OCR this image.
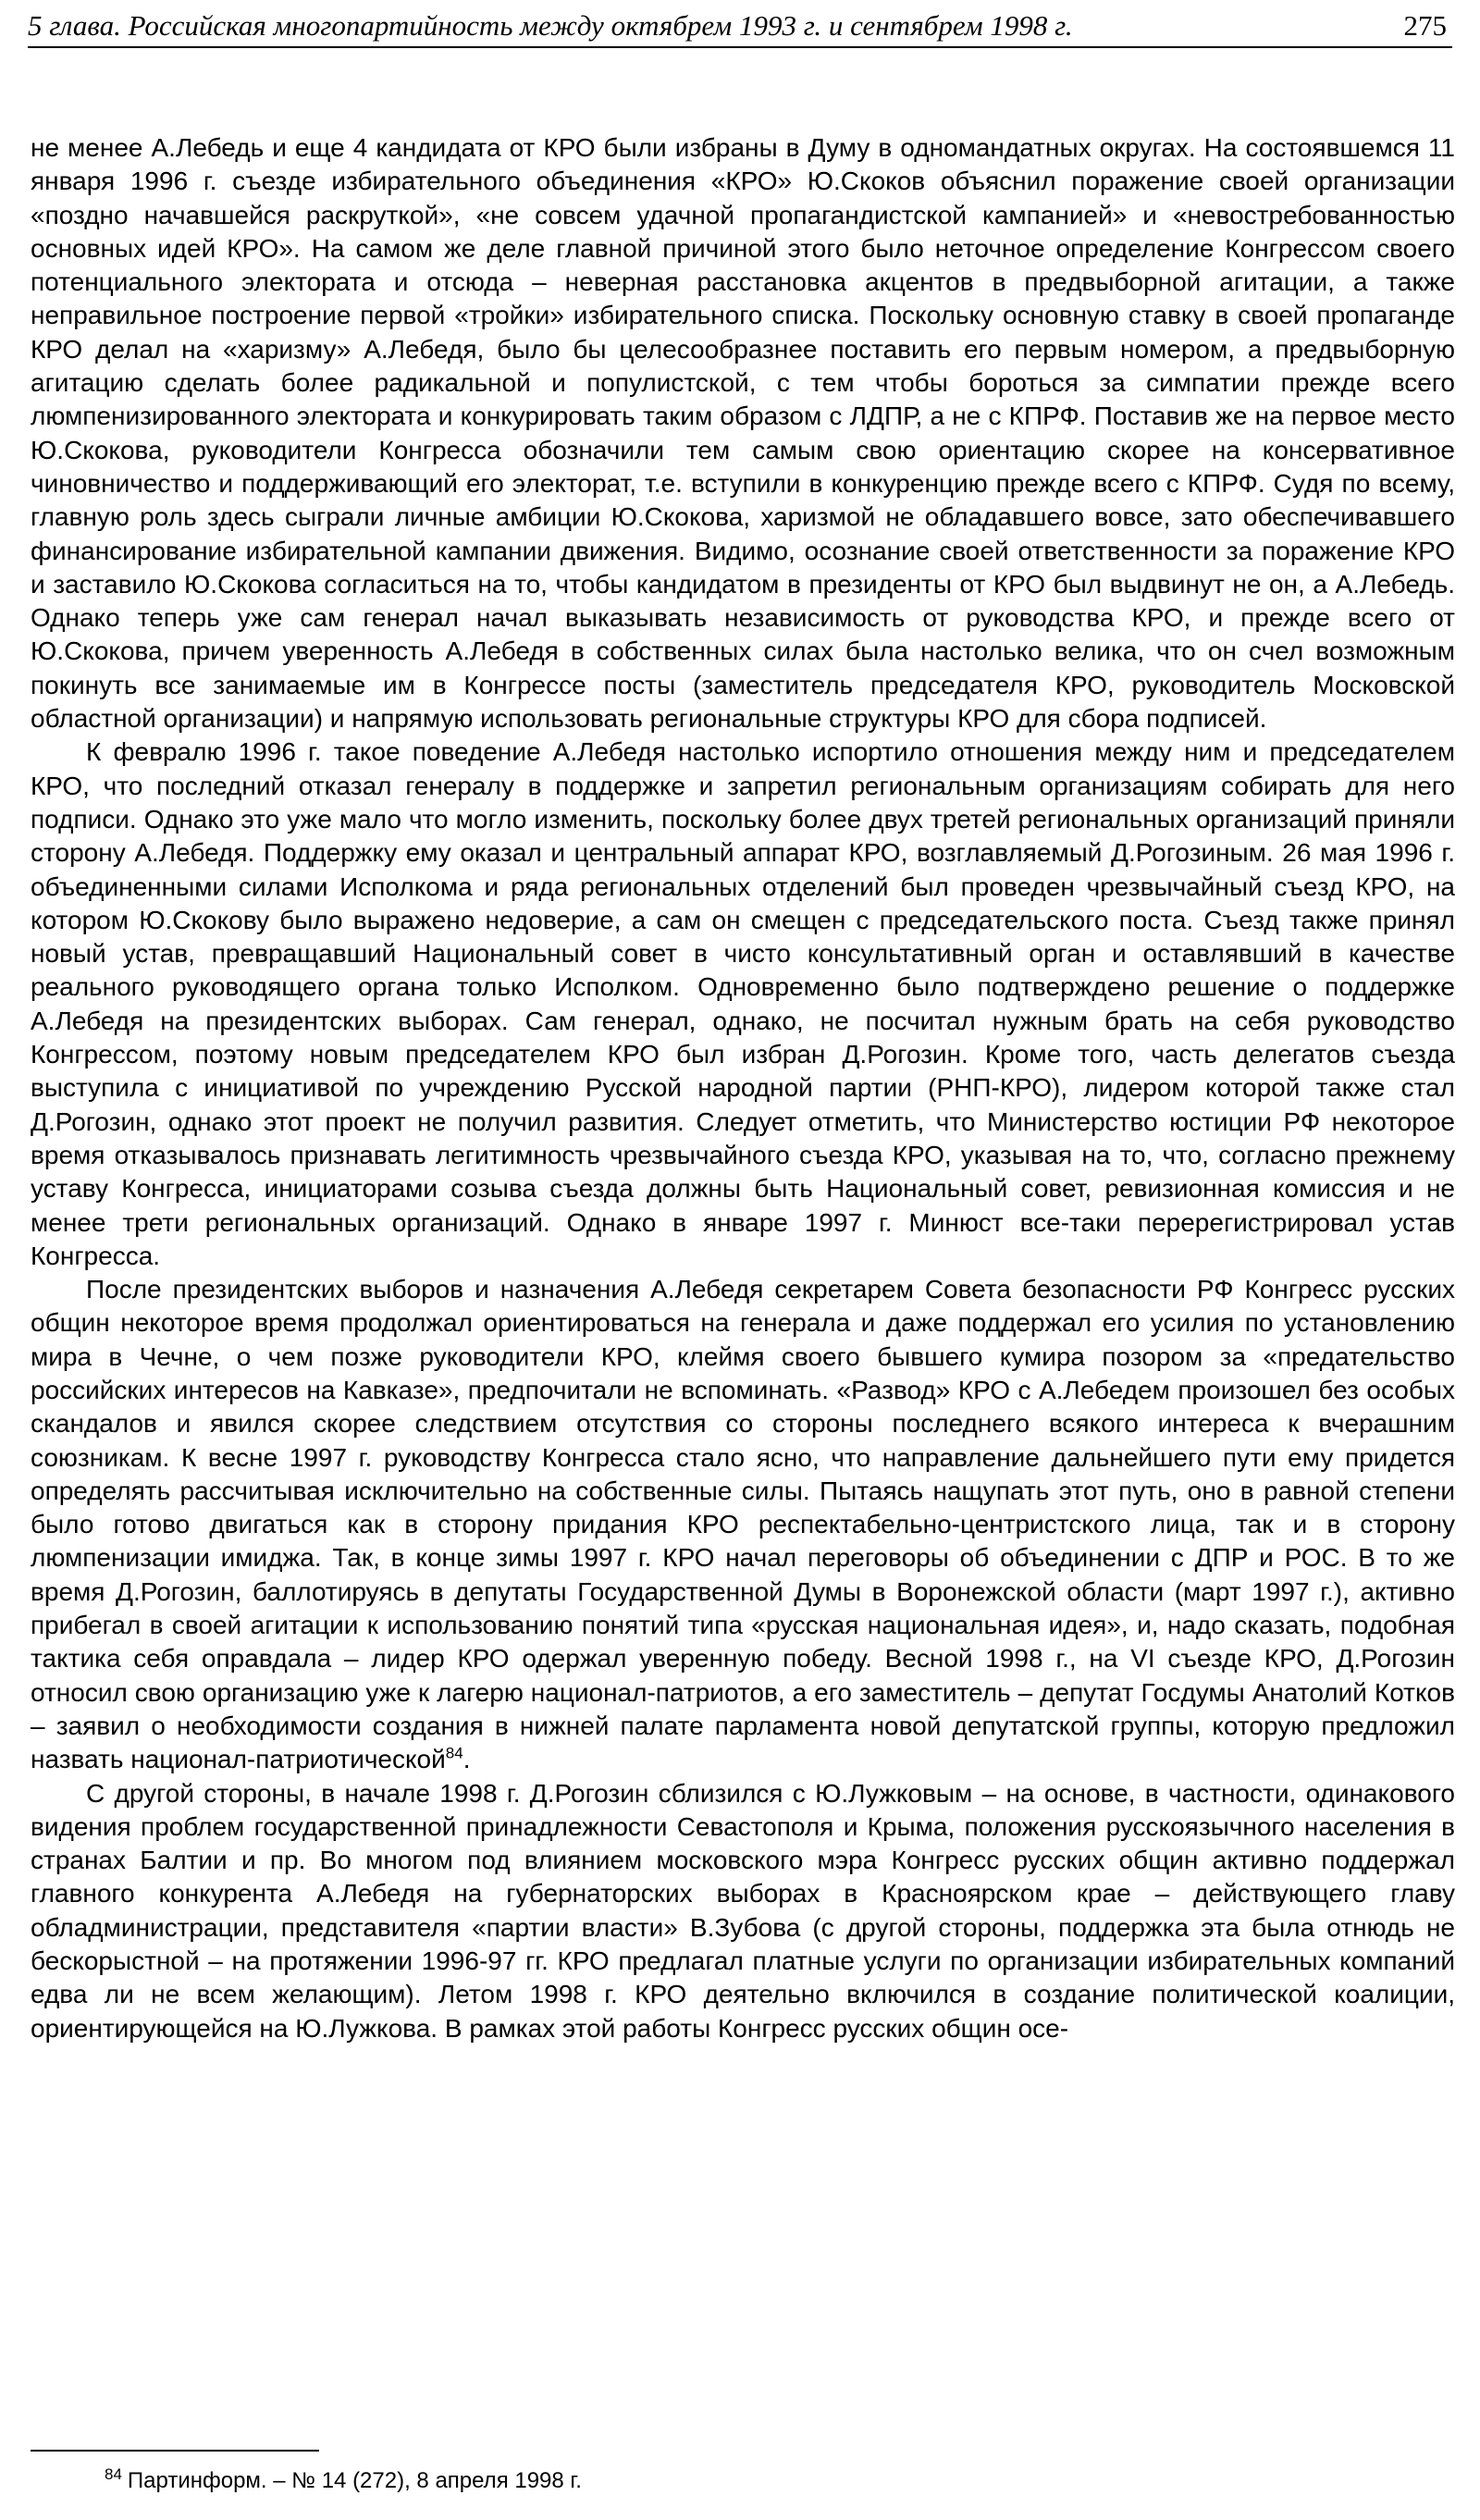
5 глава. Российская многопартийность между октябрем 1993 г. и сентябрем 1998 г.	275

не менее А.Лебедь и еще 4 кандидата от КРО были избраны в Думу в одномандатных округах. На состоявшемся 11 января 1996 г. съезде избирательного объединения «КРО» Ю.Скоков объяснил поражение своей организации «поздно начавшейся раскруткой», «не совсем удачной пропагандистской кампанией» и «невостребованностью основных идей КРО». На самом же деле главной причиной этого было неточное определение Конгрессом своего потенциального электората и отсюда – неверная расстановка акцентов в предвыборной агитации, а также неправильное построение первой «тройки» избирательного списка. Поскольку основную ставку в своей пропаганде КРО делал на «харизму» А.Лебедя, было бы целесообразнее поставить его первым номером, а предвыборную агитацию сделать более радикальной и популистской, с тем чтобы бороться за симпатии прежде всего люмпенизированного электората и конкурировать таким образом с ЛДПР, а не с КПРФ. Поставив же на первое место Ю.Скокова, руководители Конгресса обозначили тем самым свою ориентацию скорее на консервативное чиновничество и поддерживающий его электорат, т.е. вступили в конкуренцию прежде всего с КПРФ. Судя по всему, главную роль здесь сыграли личные амбиции Ю.Скокова, харизмой не обладавшего вовсе, зато обеспечивавшего финансирование избирательной кампании движения. Видимо, осознание своей ответственности за поражение КРО и заставило Ю.Скокова согласиться на то, чтобы кандидатом в президенты от КРО был выдвинут не он, а А.Лебедь. Однако теперь уже сам генерал начал выказывать независимость от руководства КРО, и прежде всего от Ю.Скокова, причем уверенность А.Лебедя в собственных силах была настолько велика, что он счел возможным покинуть все занимаемые им в Конгрессе посты (заместитель председателя КРО, руководитель Московской областной организации) и напрямую использовать региональные структуры КРО для сбора подписей.

К февралю 1996 г. такое поведение А.Лебедя настолько испортило отношения между ним и председателем КРО, что последний отказал генералу в поддержке и запретил региональным организациям собирать для него подписи. Однако это уже мало что могло изменить, поскольку более двух третей региональных организаций приняли сторону А.Лебедя. Поддержку ему оказал и центральный аппарат КРО, возглавляемый Д.Рогозиным. 26 мая 1996 г. объединенными силами Исполкома и ряда региональных отделений был проведен чрезвычайный съезд КРО, на котором Ю.Скокову было выражено недоверие, а сам он смещен с председательского поста. Съезд также принял новый устав, превращавший Национальный совет в чисто консультативный орган и оставлявший в качестве реального руководящего органа только Исполком. Одновременно было подтверждено решение о поддержке А.Лебедя на президентских выборах. Сам генерал, однако, не посчитал нужным брать на себя руководство Конгрессом, поэтому новым председателем КРО был избран Д.Рогозин. Кроме того, часть делегатов съезда выступила с инициативой по учреждению Русской народной партии (РНП-КРО), лидером которой также стал Д.Рогозин, однако этот проект не получил развития. Следует отметить, что Министерство юстиции РФ некоторое время отказывалось признавать легитимность чрезвычайного съезда КРО, указывая на то, что, согласно прежнему уставу Конгресса, инициаторами созыва съезда должны быть Национальный совет, ревизионная комиссия и не менее трети региональных организаций. Однако в январе 1997 г. Минюст все-таки перерегистрировал устав Конгресса.

После президентских выборов и назначения А.Лебедя секретарем Совета безопасности РФ Конгресс русских общин некоторое время продолжал ориентироваться на генерала и даже поддержал его усилия по установлению мира в Чечне, о чем позже руководители КРО, клеймя своего бывшего кумира позором за «предательство российских интересов на Кавказе», предпочитали не вспоминать. «Развод» КРО с А.Лебедем произошел без особых скандалов и явился скорее следствием отсутствия со стороны последнего всякого интереса к вчерашним союзникам. К весне 1997 г. руководству Конгресса стало ясно, что направление дальнейшего пути ему придется определять рассчитывая исключительно на собственные силы. Пытаясь нащупать этот путь, оно в равной степени было готово двигаться как в сторону придания КРО респектабельно-центристского лица, так и в сторону люмпенизации имиджа. Так, в конце зимы 1997 г. КРО начал переговоры об объединении с ДПР и РОС. В то же время Д.Рогозин, баллотируясь в депутаты Государственной Думы в Воронежской области (март 1997 г.), активно прибегал в своей агитации к использованию понятий типа «русская национальная идея», и, надо сказать, подобная тактика себя оправдала – лидер КРО одержал уверенную победу. Весной 1998 г., на VI съезде КРО, Д.Рогозин относил свою организацию уже к лагерю национал-патриотов, а его заместитель – депутат Госдумы Анатолий Котков – заявил о необходимости создания в нижней палате парламента новой депутатской группы, которую предложил назвать национал-патриотической$^{84}$.

С другой стороны, в начале 1998 г. Д.Рогозин сблизился с Ю.Лужковым – на основе, в частности, одинакового видения проблем государственной принадлежности Севастополя и Крыма, положения русскоязычного населения в странах Балтии и пр. Во многом под влиянием московского мэра Конгресс русских общин активно поддержал главного конкурента А.Лебедя на губернаторских выборах в Красноярском крае – действующего главу обладминистрации, представителя «партии власти» В.Зубова (с другой стороны, поддержка эта была отнюдь не бескорыстной – на протяжении 1996-97 гг. КРО предлагал платные услуги по организации избирательных компаний едва ли не всем желающим). Летом 1998 г. КРО деятельно включился в создание политической коалиции, ориентирующейся на Ю.Лужкова. В рамках этой работы Конгресс русских общин осе-

$^{84}$ Партинформ. – № 14 (272), 8 апреля 1998 г.
